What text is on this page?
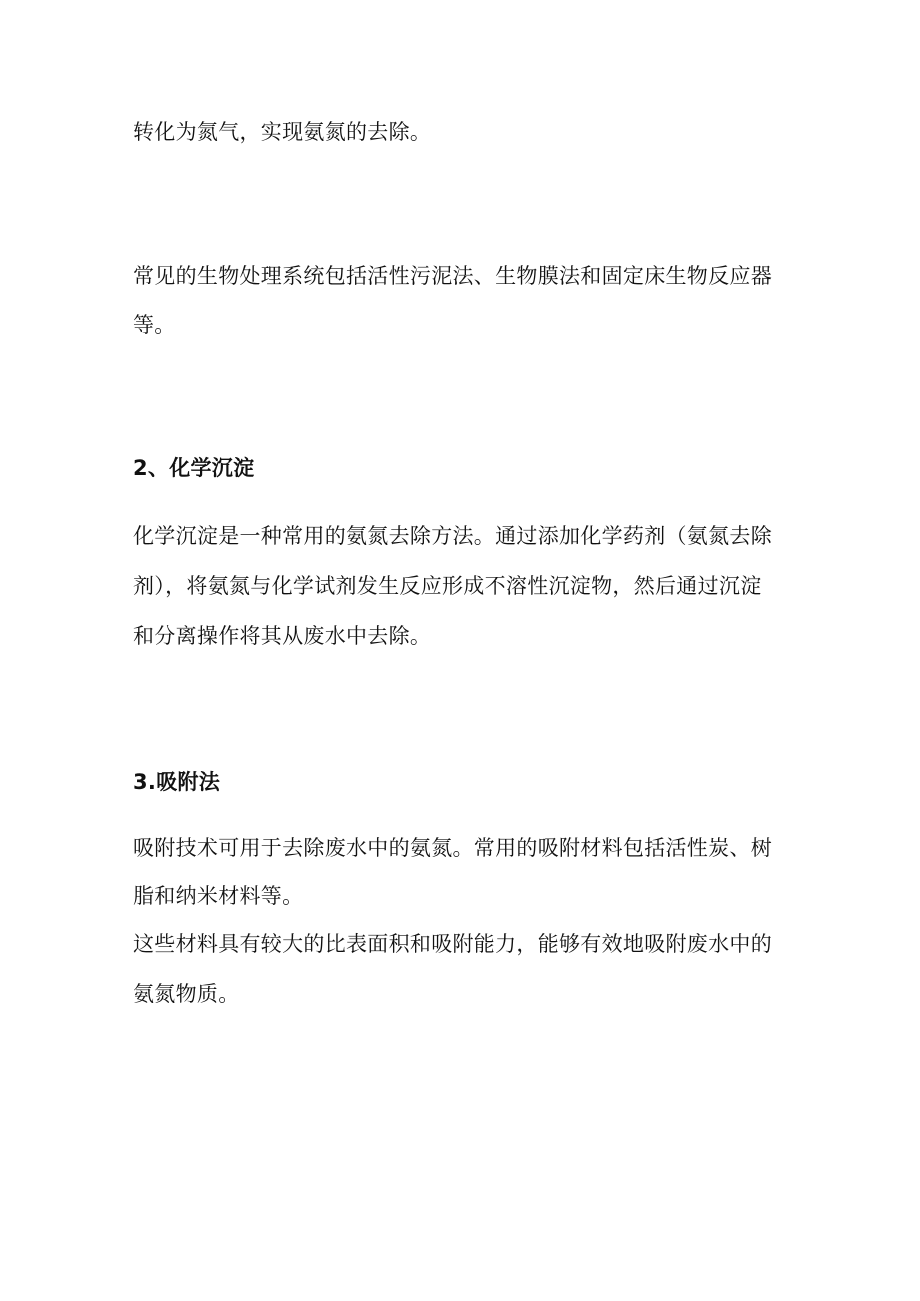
转化为氮气，实现氨氮的去除。

常见的生物处理系统包括活性污泥法、生物膜法和固定床生物反应器

等。

2、化学沉淀

化学沉淀是一种常用的氨氮去除方法。通过添加化学药剂（氨氮去除

剂），将氨氮与化学试剂发生反应形成不溶性沉淀物，然后通过沉淀

和分离操作将其从废水中去除。

3.吸附法

吸附技术可用于去除废水中的氨氮。常用的吸附材料包括活性炭、树

脂和纳米材料等。

这些材料具有较大的比表面积和吸附能力，能够有效地吸附废水中的

氨氮物质。
